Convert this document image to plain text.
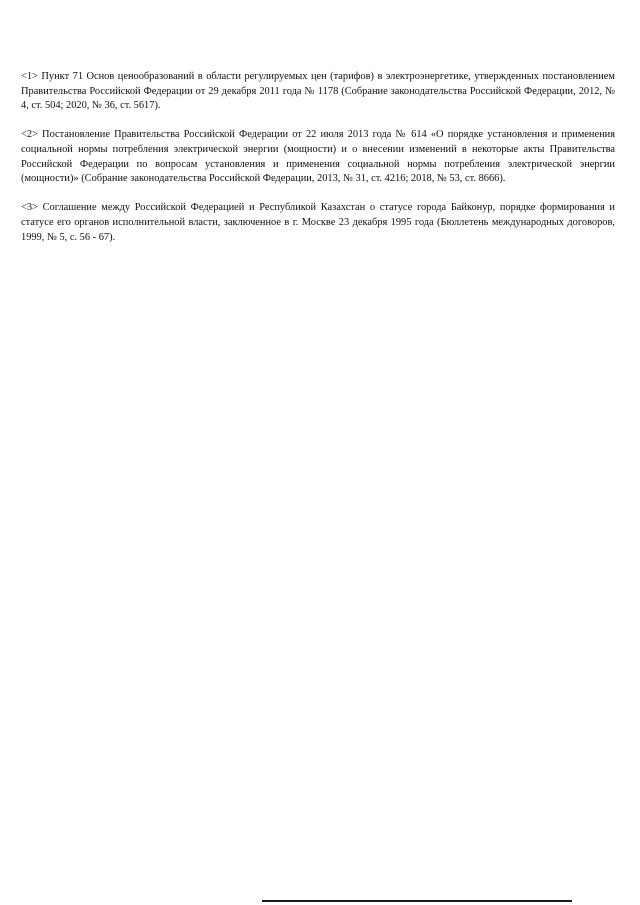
<1> Пункт 71 Основ ценообразований в области регулируемых цен (тарифов) в электроэнергетике, утвержденных постановлением Правительства Российской Федерации от 29 декабря 2011 года № 1178 (Собрание законодательства Российской Федерации, 2012, № 4, ст. 504; 2020, № 36, ст. 5617).

<2> Постановление Правительства Российской Федерации от 22 июля 2013 года № 614 «О порядке установления и применения социальной нормы потребления электрической энергии (мощности) и о внесении изменений в некоторые акты Правительства Российской Федерации по вопросам установления и применения социальной нормы потребления электрической энергии (мощности)» (Собрание законодательства Российской Федерации, 2013, № 31, ст. 4216; 2018, № 53, ст. 8666).

<3> Соглашение между Российской Федерацией и Республикой Казахстан о статусе города Байконур, порядке формирования и статусе его органов исполнительной власти, заключенное в г. Москве 23 декабря 1995 года (Бюллетень международных договоров, 1999, № 5, с. 56 - 67).
